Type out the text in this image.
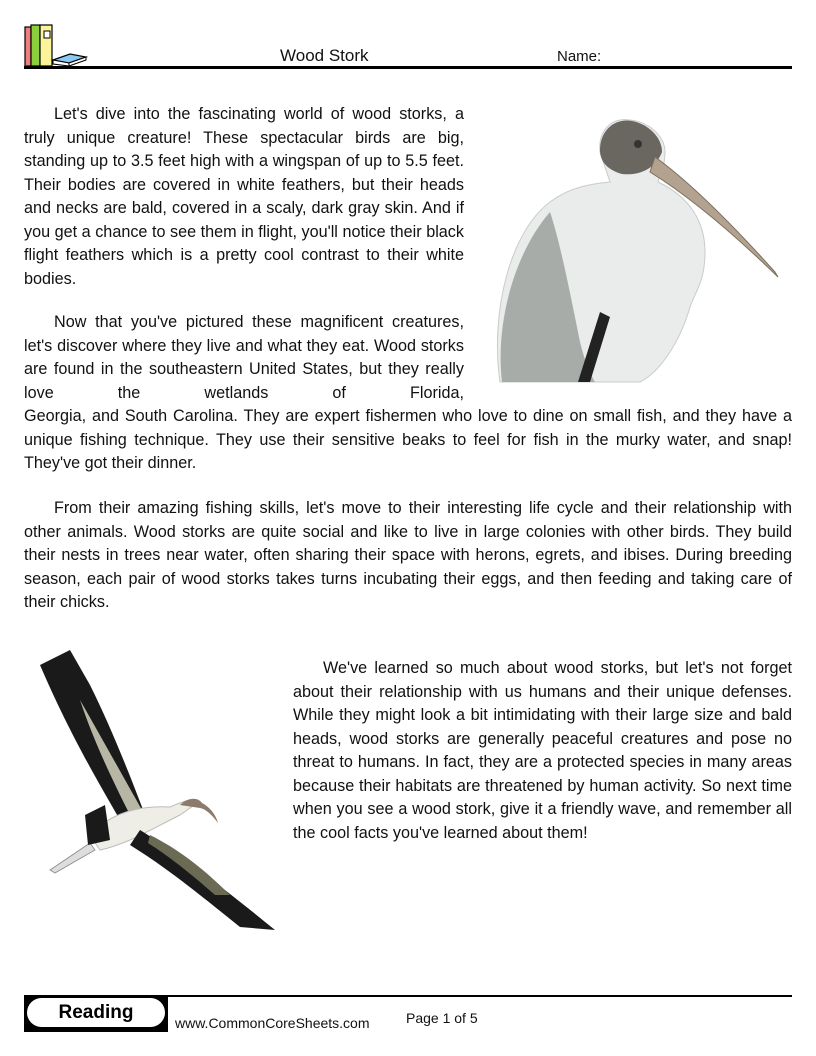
Wood Stork	Name:

Let's dive into the fascinating world of wood storks, a truly unique creature! These spectacular birds are big, standing up to 3.5 feet high with a wingspan of up to 5.5 feet. Their bodies are covered in white feathers, but their heads and necks are bald, covered in a scaly, dark gray skin. And if you get a chance to see them in flight, you'll notice their black flight feathers which is a pretty cool contrast to their white bodies.

Now that you've pictured these magnificent creatures, let's discover where they live and what they eat. Wood storks are found in the southeastern United States, but they really love the wetlands of Florida,

Georgia, and South Carolina. They are expert fishermen who love to dine on small fish, and they have a unique fishing technique. They use their sensitive beaks to feel for fish in the murky water, and snap! They've got their dinner.

From their amazing fishing skills, let's move to their interesting life cycle and their relationship with other animals. Wood storks are quite social and like to live in large colonies with other birds. They build their nests in trees near water, often sharing their space with herons, egrets, and ibises. During breeding season, each pair of wood storks takes turns incubating their eggs, and then feeding and taking care of their chicks.

We've learned so much about wood storks, but let's not forget about their relationship with us humans and their unique defenses. While they might look a bit intimidating with their large size and bald heads, wood storks are generally peaceful creatures and pose no threat to humans. In fact, they are a protected species in many areas because their habitats are threatened by human activity. So next time when you see a wood stork, give it a friendly wave, and remember all the cool facts you've learned about them!

Reading	www.CommonCoreSheets.com	Page 1 of 5
